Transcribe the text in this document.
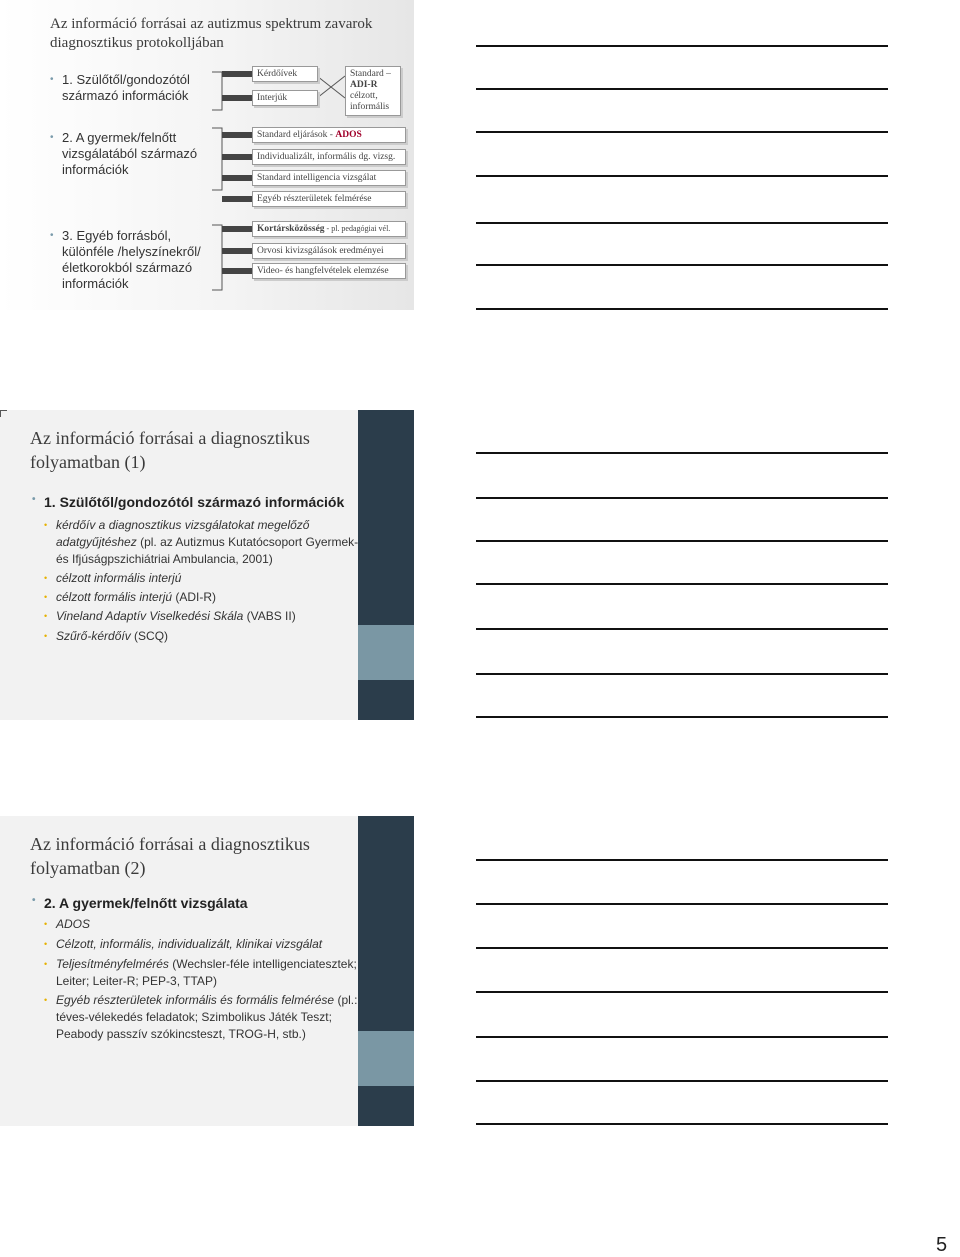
Az információ forrásai az autizmus spektrum zavarok diagnosztikus protokolljában
• 1. Szülőtől/gondozótól származó információk
• 2. A gyermek/felnőtt vizsgálatából származó információk
• 3. Egyéb forrásból, különféle /helyszínekről/életkorokból származó információk
Kérdőívek
Interjúk
Standard –
ADI-R
célzott,
informális
Standard eljárások - ADOS
Individualizált, informális dg. vizsg.
Standard intelligencia vizsgálat
Egyéb részterületek felmérése
Kortársközösség - pl. pedagógiai vél.
Orvosi kivizsgálások eredményei
Video- és hangfelvételek elemzése
Az információ forrásai a diagnosztikus folyamatban (1)
• 1. Szülőtől/gondozótól származó információk
• kérdőív a diagnosztikus vizsgálatokat megelőző adatgyűjtéshez (pl. az Autizmus Kutatócsoport Gyermek- és Ifjúságpszichiátriai Ambulancia, 2001)
• célzott informális interjú
• célzott formális interjú (ADI-R)
• Vineland Adaptív Viselkedési Skála (VABS II)
• Szűrő-kérdőív (SCQ)
Az információ forrásai a diagnosztikus folyamatban (2)
• 2. A gyermek/felnőtt vizsgálata
• ADOS
• Célzott, informális, individualizált, klinikai vizsgálat
• Teljesítményfelmérés (Wechsler-féle intelligenciatesztek; Leiter; Leiter-R; PEP-3, TTAP)
• Egyéb részterületek informális és formális felmérése (pl.: téves-vélekedés feladatok; Szimbolikus Játék Teszt; Peabody passzív szókincsteszt, TROG-H, stb.)
5
